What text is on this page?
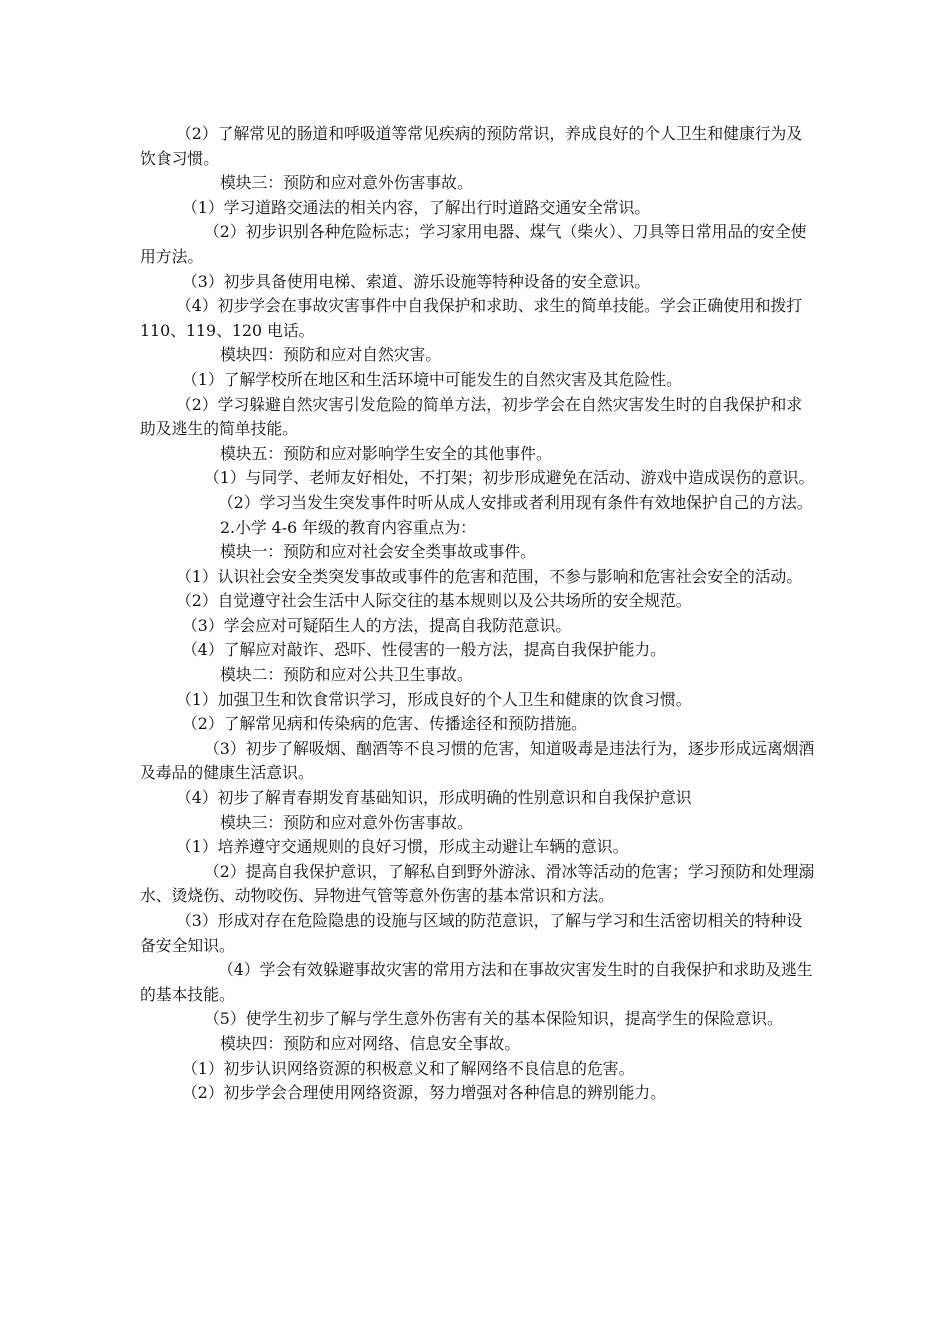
（2）了解常见的肠道和呼吸道等常见疾病的预防常识，养成良好的个人卫生和健康行为及饮食习惯。

模块三：预防和应对意外伤害事故。

（1）学习道路交通法的相关内容，了解出行时道路交通安全常识。

（2）初步识别各种危险标志；学习家用电器、煤气（柴火）、刀具等日常用品的安全使用方法。

（3）初步具备使用电梯、索道、游乐设施等特种设备的安全意识。

（4）初步学会在事故灾害事件中自我保护和求助、求生的简单技能。学会正确使用和拨打 110、119、120 电话。

模块四：预防和应对自然灾害。

（1）了解学校所在地区和生活环境中可能发生的自然灾害及其危险性。

（2）学习躲避自然灾害引发危险的简单方法，初步学会在自然灾害发生时的自我保护和求助及逃生的简单技能。

模块五：预防和应对影响学生安全的其他事件。

（1）与同学、老师友好相处，不打架；初步形成避免在活动、游戏中造成误伤的意识。

（2）学习当发生突发事件时听从成人安排或者利用现有条件有效地保护自己的方法。

2.小学 4-6 年级的教育内容重点为：

模块一：预防和应对社会安全类事故或事件。

（1）认识社会安全类突发事故或事件的危害和范围，不参与影响和危害社会安全的活动。

（2）自觉遵守社会生活中人际交往的基本规则以及公共场所的安全规范。

（3）学会应对可疑陌生人的方法，提高自我防范意识。

（4）了解应对敲诈、恐吓、性侵害的一般方法，提高自我保护能力。

模块二：预防和应对公共卫生事故。

（1）加强卫生和饮食常识学习，形成良好的个人卫生和健康的饮食习惯。

（2）了解常见病和传染病的危害、传播途径和预防措施。

（3）初步了解吸烟、酗酒等不良习惯的危害，知道吸毒是违法行为，逐步形成远离烟酒及毒品的健康生活意识。

（4）初步了解青春期发育基础知识，形成明确的性别意识和自我保护意识

模块三：预防和应对意外伤害事故。

（1）培养遵守交通规则的良好习惯，形成主动避让车辆的意识。

（2）提高自我保护意识，了解私自到野外游泳、滑冰等活动的危害；学习预防和处理溺水、烫烧伤、动物咬伤、异物进气管等意外伤害的基本常识和方法。

（3）形成对存在危险隐患的设施与区域的防范意识，了解与学习和生活密切相关的特种设备安全知识。

（4）学会有效躲避事故灾害的常用方法和在事故灾害发生时的自我保护和求助及逃生的基本技能。

（5）使学生初步了解与学生意外伤害有关的基本保险知识，提高学生的保险意识。

模块四：预防和应对网络、信息安全事故。

（1）初步认识网络资源的积极意义和了解网络不良信息的危害。

（2）初步学会合理使用网络资源，努力增强对各种信息的辨别能力。
